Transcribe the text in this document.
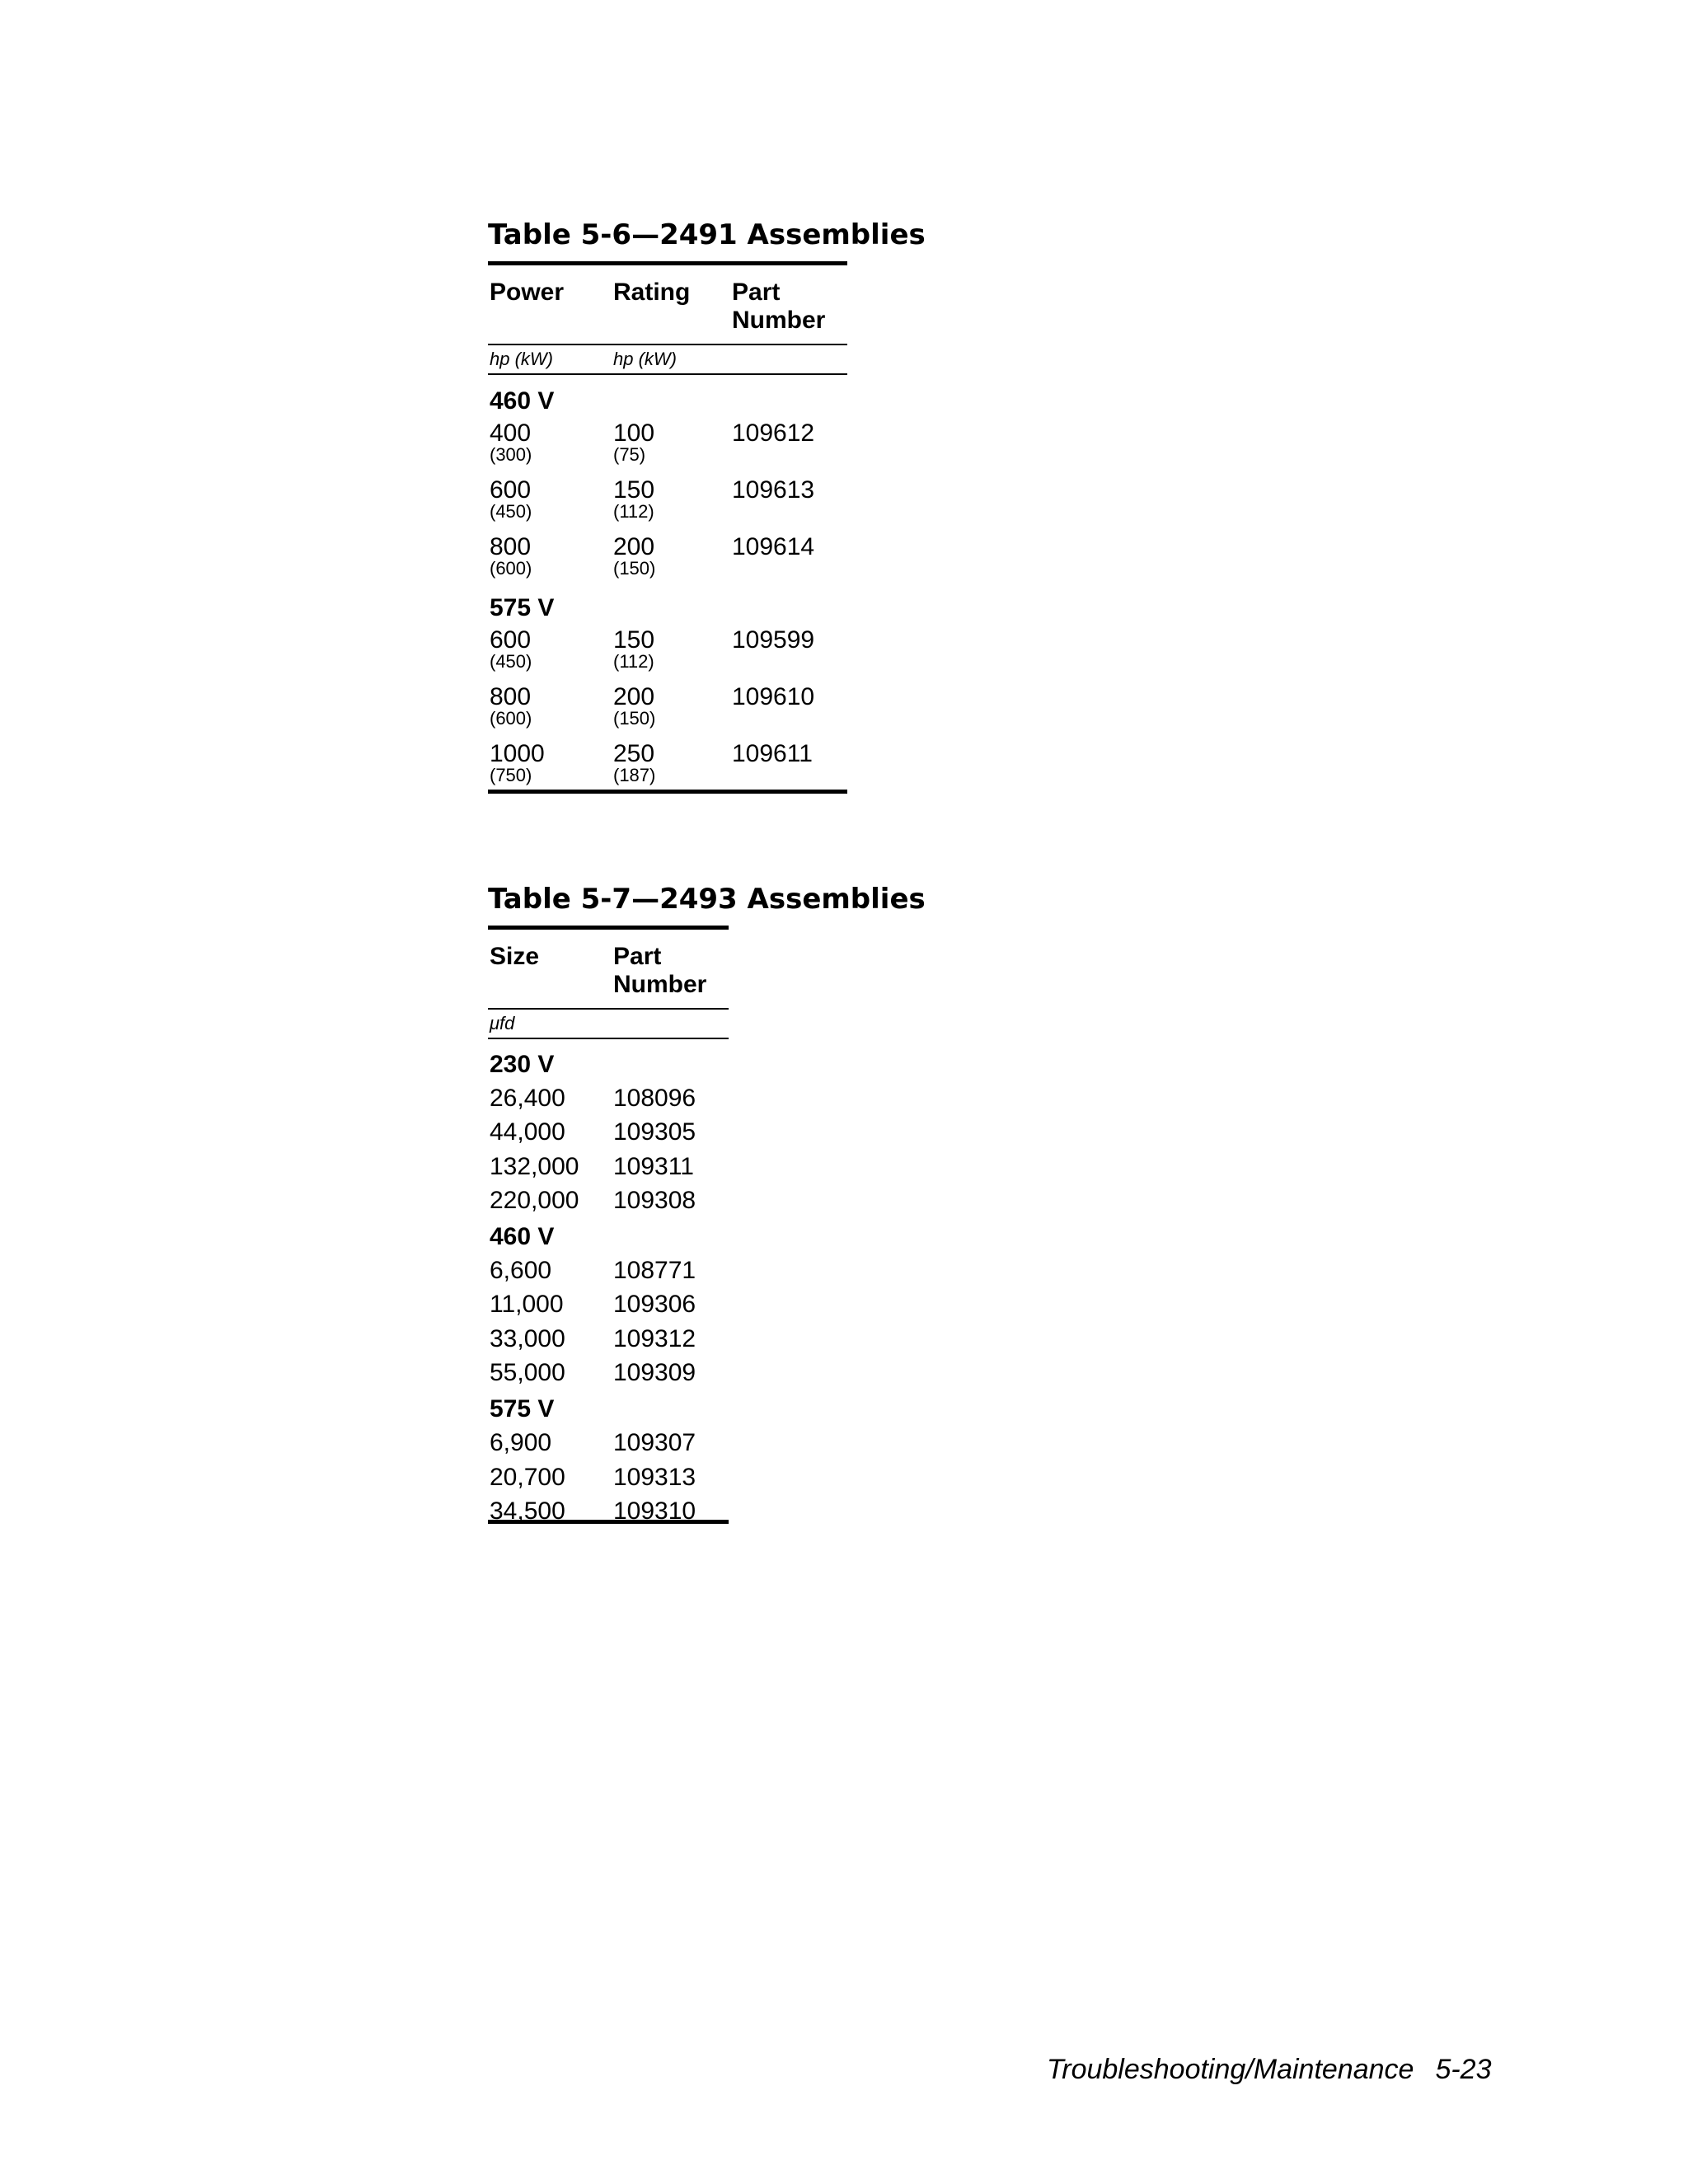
Table 5-6—2491 Assemblies
Power Rating Part
Number
hp (kW)	hp (kW)
460 V
400
(300)
100
(75)
109612
600
(450)
150
(112)
109613
800
(600)
200
(150)
109614
575 V
600
(450)
150
(112)
109599
800
(600)
200
(150)
109610
1000
(750)
250
(187)
109611
Table 5-7—2493 Assemblies
Size	Part
Number
μfd
230 V
26,400 108096
44,000 109305
132,000 109311
220,000 109308
460 V
6,600 108771
11,000 109306
33,000 109312
55,000 109309
575 V
6,900 109307
20,700 109313
34,500 109310
Troubleshooting/Maintenance 5-23
